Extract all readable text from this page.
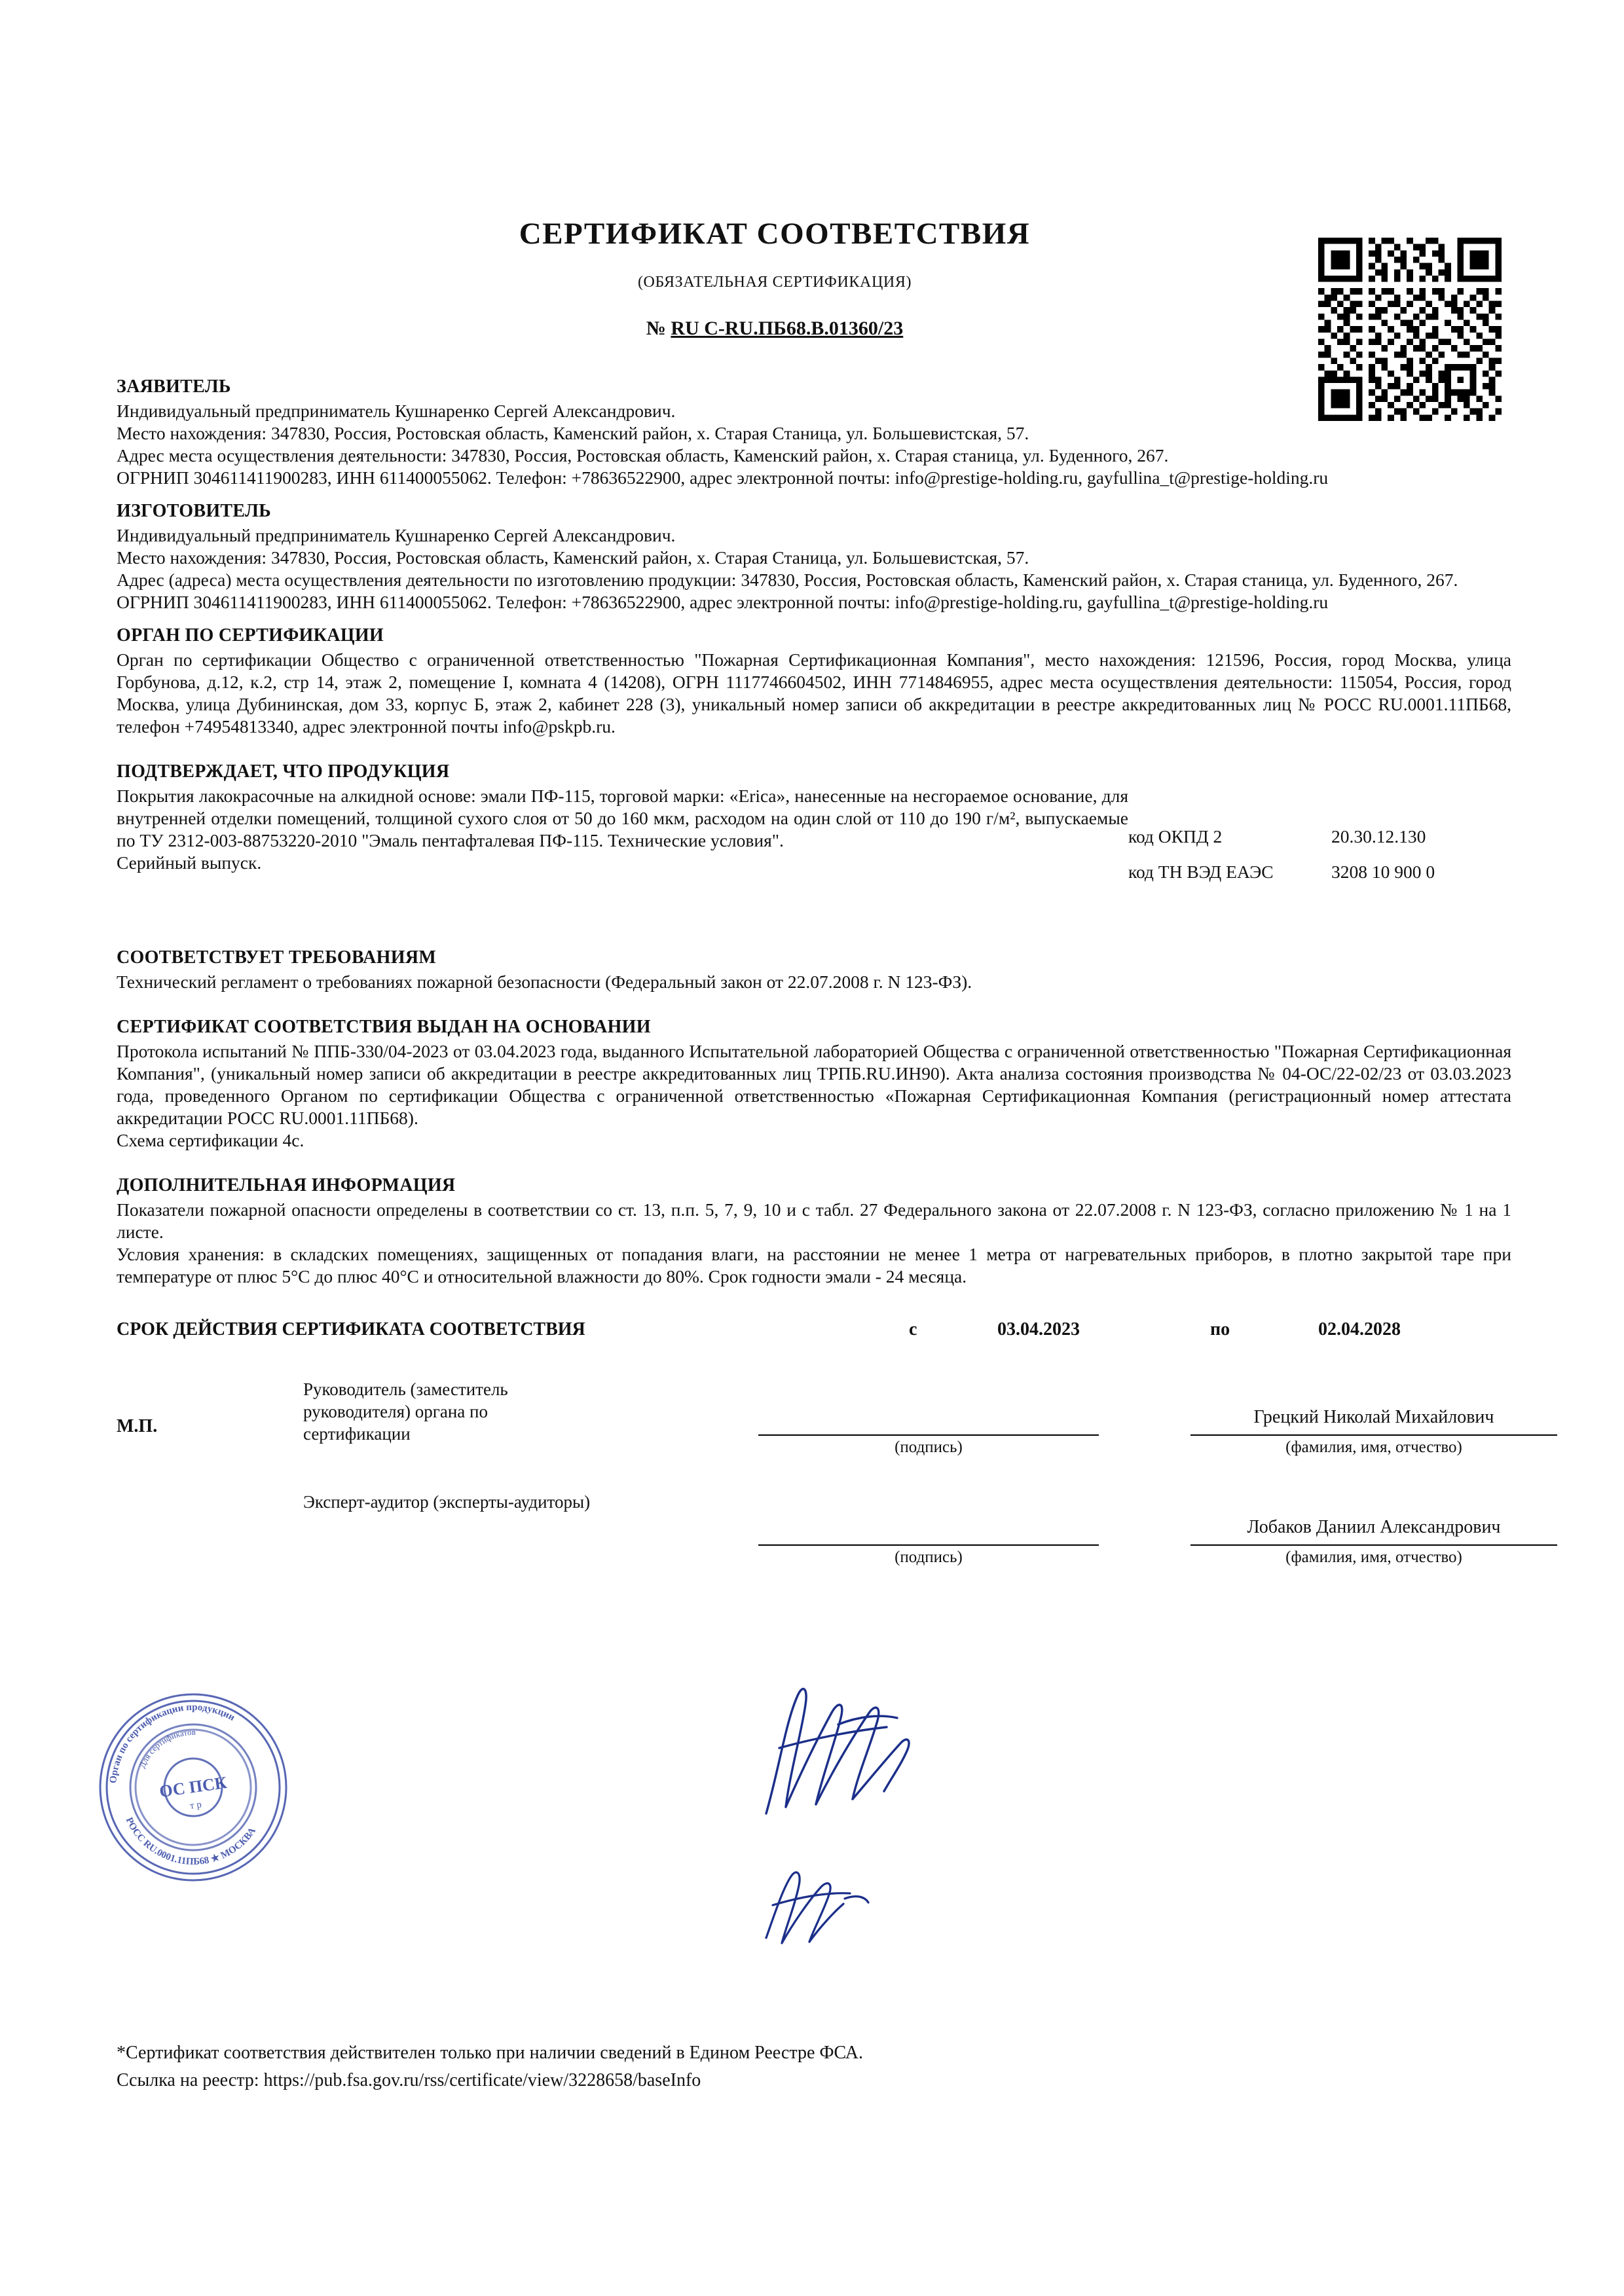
СЕРТИФИКАТ СООТВЕТСТВИЯ
(ОБЯЗАТЕЛЬНАЯ СЕРТИФИКАЦИЯ)
№ RU C-RU.ПБ68.В.01360/23
ЗАЯВИТЕЛЬ

Индивидуальный предприниматель Кушнаренко Сергей Александрович.

Место нахождения: 347830, Россия, Ростовская область, Каменский район, х. Старая Станица, ул. Большевистская, 57.

Адрес места осуществления деятельности: 347830, Россия, Ростовская область, Каменский район, х. Старая станица, ул. Буденного, 267.

ОГРНИП 304611411900283, ИНН 611400055062. Телефон: +78636522900, адрес электронной почты: info@prestige-holding.ru, gayfullina_t@prestige-holding.ru

ИЗГОТОВИТЕЛЬ

Индивидуальный предприниматель Кушнаренко Сергей Александрович.

Место нахождения: 347830, Россия, Ростовская область, Каменский район, х. Старая Станица, ул. Большевистская, 57.

Адрес (адреса) места осуществления деятельности по изготовлению продукции: 347830, Россия, Ростовская область, Каменский район, х. Старая станица, ул. Буденного, 267.

ОГРНИП 304611411900283, ИНН 611400055062. Телефон: +78636522900, адрес электронной почты: info@prestige-holding.ru, gayfullina_t@prestige-holding.ru

ОРГАН ПО СЕРТИФИКАЦИИ

Орган по сертификации Общество с ограниченной ответственностью "Пожарная Сертификационная Компания", место нахождения: 121596, Россия, город Москва, улица Горбунова, д.12, к.2, стр 14, этаж 2, помещение I, комната 4 (14208), ОГРН 1117746604502, ИНН 7714846955, адрес места осуществления деятельности: 115054, Россия, город Москва, улица Дубининская, дом 33, корпус Б, этаж 2, кабинет 228 (3), уникальный номер записи об аккредитации в реестре аккредитованных лиц № РОСС RU.0001.11ПБ68, телефон +74954813340, адрес электронной почты info@pskpb.ru.

ПОДТВЕРЖДАЕТ, ЧТО ПРОДУКЦИЯ

Покрытия лакокрасочные на алкидной основе: эмали ПФ-115, торговой марки: «Erica», нанесенные на несгораемое основание, для внутренней отделки помещений, толщиной сухого слоя от 50 до 160 мкм, расходом на один слой от 110 до 190 г/м², выпускаемые по ТУ 2312-003-88753220-2010 "Эмаль пентафталевая ПФ-115. Технические условия".

Серийный выпуск.

код ОКПД 2	20.30.12.130
код ТН ВЭД ЕАЭС	3208 10 900 0
СООТВЕТСТВУЕТ ТРЕБОВАНИЯМ

Технический регламент о требованиях пожарной безопасности (Федеральный закон от 22.07.2008 г. N 123-ФЗ).

СЕРТИФИКАТ СООТВЕТСТВИЯ ВЫДАН НА ОСНОВАНИИ

Протокола испытаний № ППБ-330/04-2023 от 03.04.2023 года, выданного Испытательной лабораторией Общества с ограниченной ответственностью "Пожарная Сертификационная Компания", (уникальный номер записи об аккредитации в реестре аккредитованных лиц ТРПБ.RU.ИН90). Акта анализа состояния производства № 04-ОС/22-02/23 от 03.03.2023 года, проведенного Органом по сертификации Общества с ограниченной ответственностью «Пожарная Сертификационная Компания (регистрационный номер аттестата аккредитации РОСС RU.0001.11ПБ68).

Схема сертификации 4с.

ДОПОЛНИТЕЛЬНАЯ ИНФОРМАЦИЯ

Показатели пожарной опасности определены в соответствии со ст. 13, п.п. 5, 7, 9, 10 и с табл. 27 Федерального закона от 22.07.2008 г. N 123-ФЗ, согласно приложению № 1 на 1 листе.

Условия хранения: в складских помещениях, защищенных от попадания влаги, на расстоянии не менее 1 метра от нагревательных приборов, в плотно закрытой таре при температуре от плюс 5°С до плюс 40°С и относительной влажности до 80%. Срок годности эмали - 24 месяца.

СРОК ДЕЙСТВИЯ СЕРТИФИКАТА СООТВЕТСТВИЯ	с	03.04.2023	по	02.04.2028
М.П.
Руководитель (заместитель руководителя) органа по сертификации
Эксперт-аудитор (эксперты-аудиторы)
(подпись)
(подпись)
(фамилия, имя, отчество)
(фамилия, имя, отчество)
Грецкий Николай Михайлович
Лобаков Даниил Александрович
Орган по сертификации продукции
РОСС RU.0001.11ПБ68 ★ МОСКВА
Для сертификатов
ОС ПСК
т р
*Сертификат соответствия действителен только при наличии сведений в Едином Реестре ФСА.
Ссылка на реестр: https://pub.fsa.gov.ru/rss/certificate/view/3228658/baseInfo
